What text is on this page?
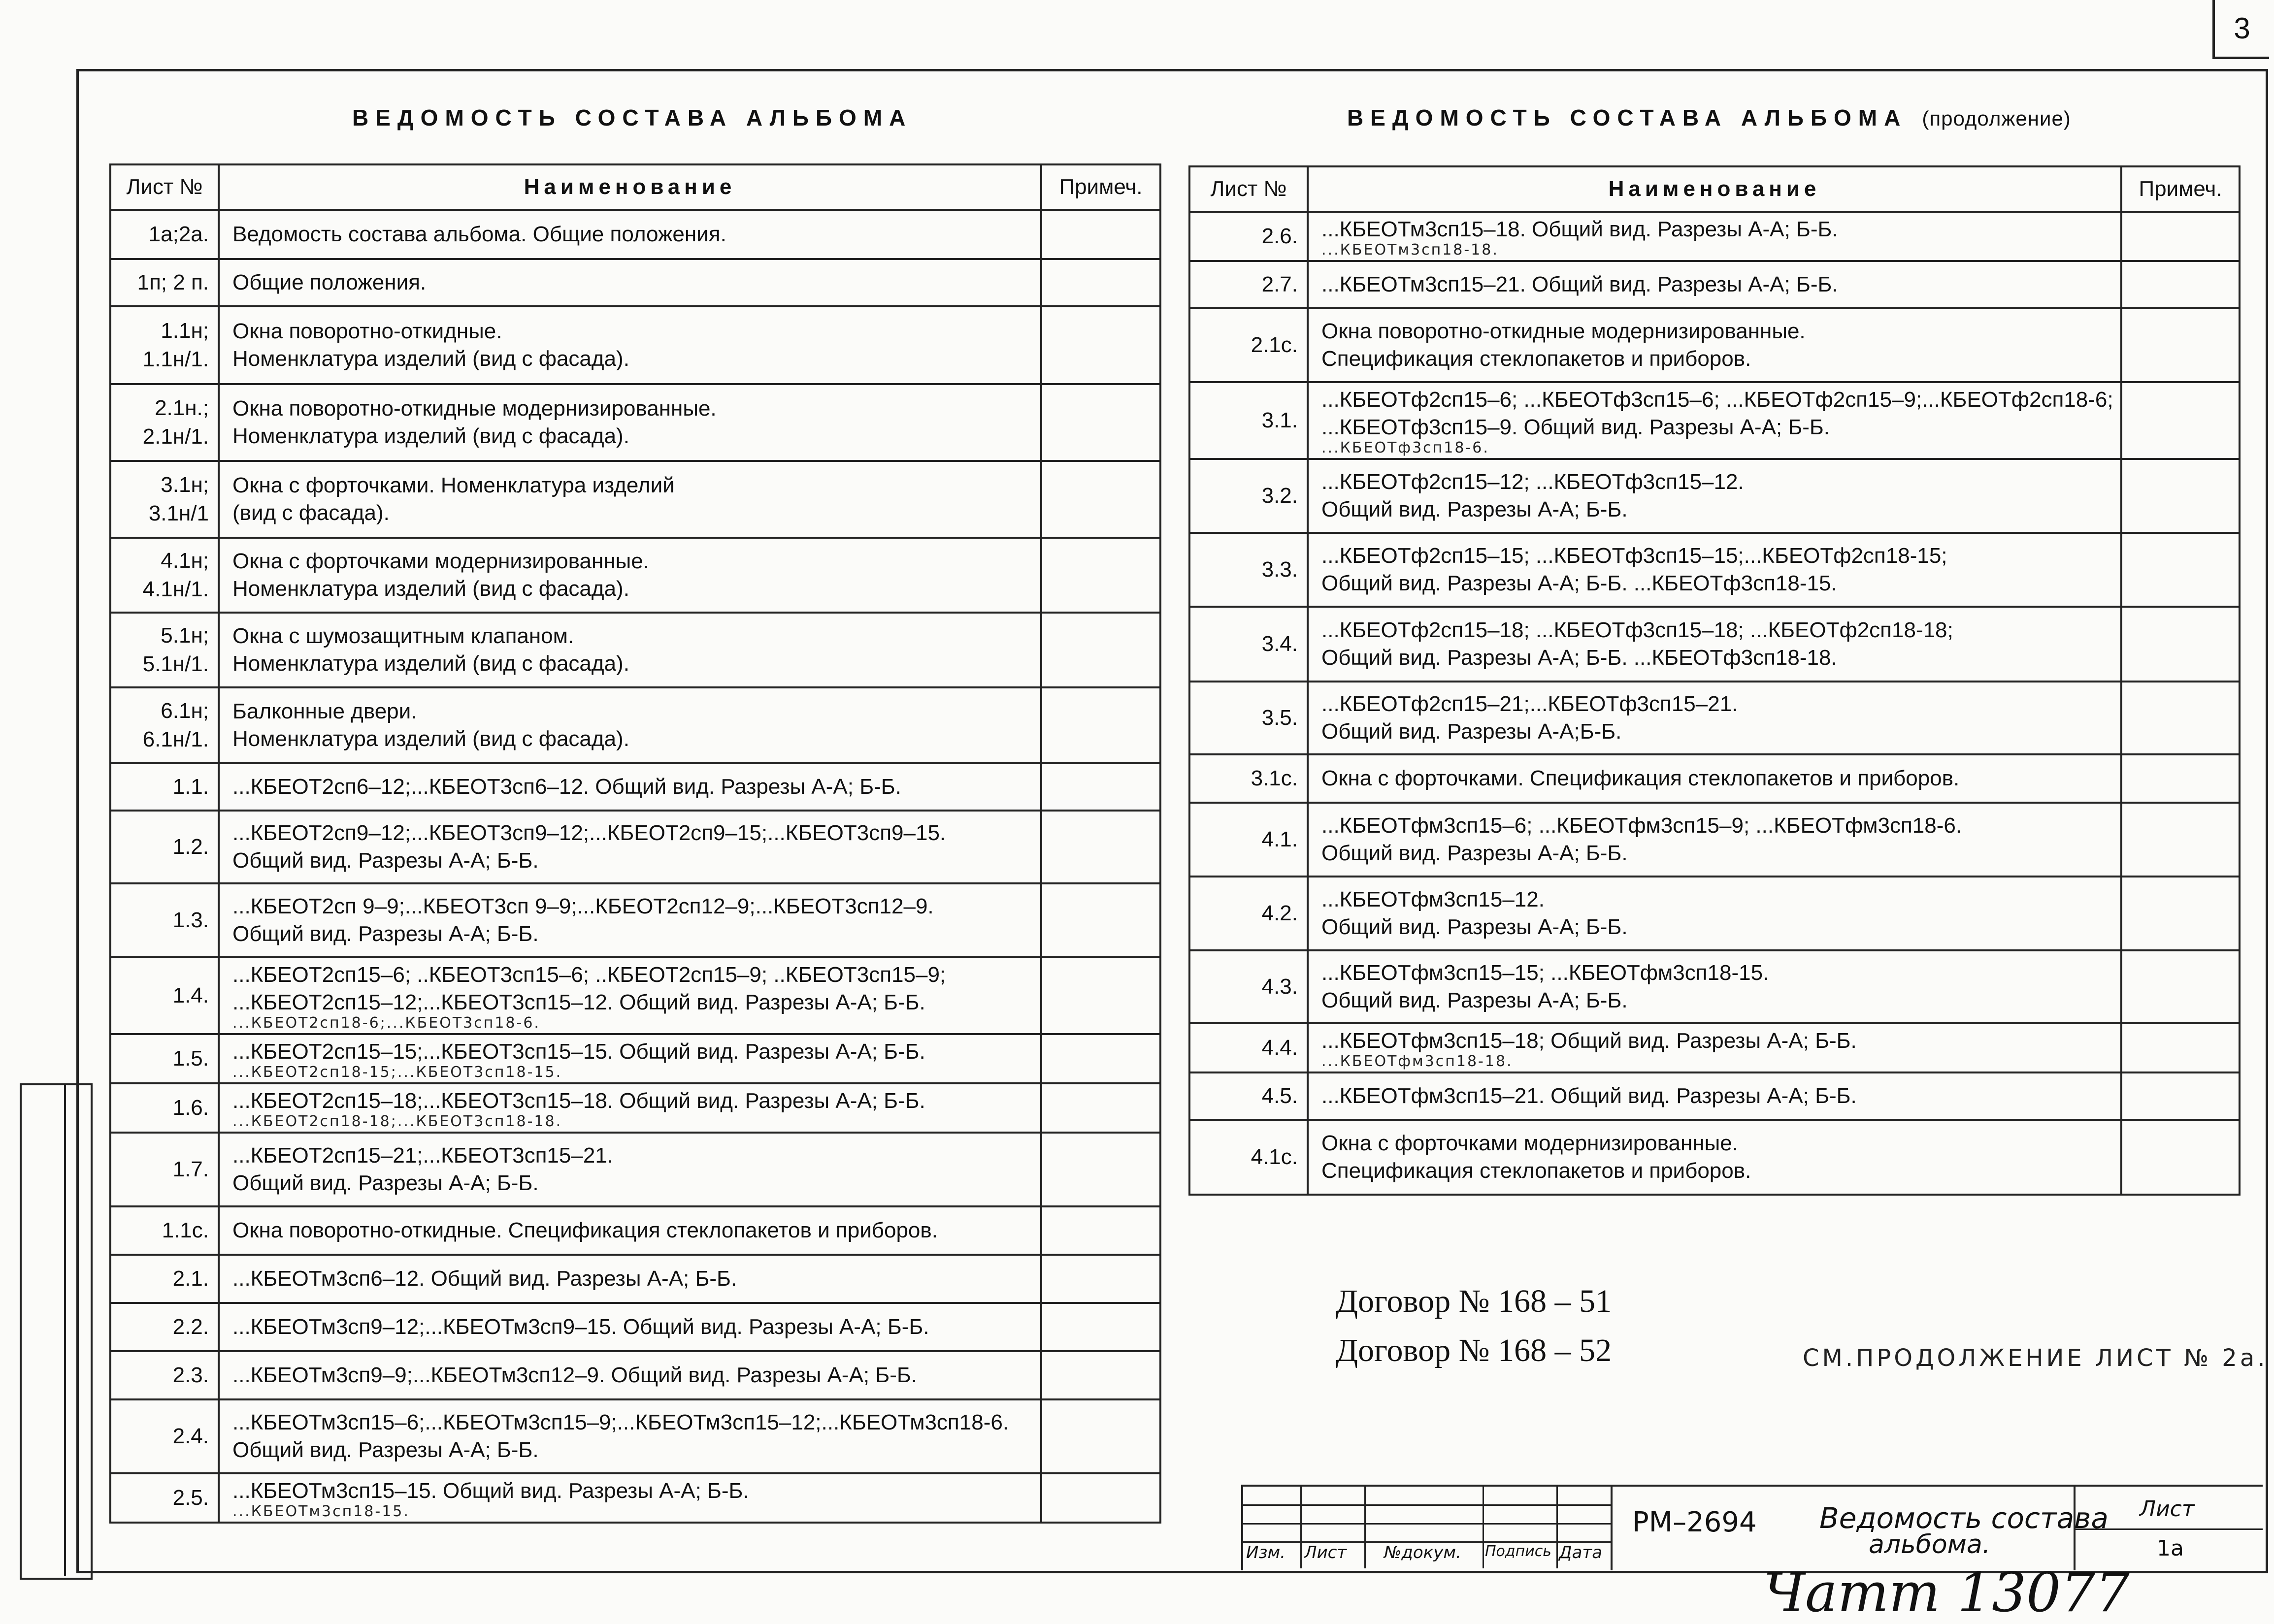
3
ВЕДОМОСТЬ СОСТАВА АЛЬБОМА	ВЕДОМОСТЬ СОСТАВА АЛЬБОМА (продолжение)
Лист №	Наименование	Примеч.

1а;2а.	Ведомость состава альбома. Общие положения.	

1п; 2 п.	Общие положения.	

1.1н;
1.1н/1.	Окна поворотно-откидные.
Номенклатура изделий (вид с фасада).	

2.1н.;
2.1н/1.	Окна поворотно-откидные модернизированные.
Номенклатура изделий (вид с фасада).	

3.1н;
3.1н/1	Окна с форточками. Номенклатура изделий
(вид с фасада).	

4.1н;
4.1н/1.	Окна с форточками модернизированные.
Номенклатура изделий (вид с фасада).	

5.1н;
5.1н/1.	Окна с шумозащитным клапаном.
Номенклатура изделий (вид с фасада).	

6.1н;
6.1н/1.	Балконные двери.
Номенклатура изделий (вид с фасада).	

1.1.	...КБЕОТ2сп6–12;...КБЕОТ3сп6–12. Общий вид. Разрезы А-А; Б-Б.	

1.2.	...КБЕОТ2сп9–12;...КБЕОТ3сп9–12;...КБЕОТ2сп9–15;...КБЕОТ3сп9–15.
Общий вид. Разрезы А-А; Б-Б.	

1.3.	...КБЕОТ2сп 9–9;...КБЕОТ3сп 9–9;...КБЕОТ2сп12–9;...КБЕОТ3сп12–9.
Общий вид. Разрезы А-А; Б-Б.	

1.4.	...КБЕОТ2сп15–6; ..КБЕОТ3сп15–6; ..КБЕОТ2сп15–9; ..КБЕОТ3сп15–9;
...КБЕОТ2сп15–12;...КБЕОТ3сп15–12. Общий вид. Разрезы А-А; Б-Б.
...КБЕОТ2сп18-6;...КБЕОТ3сп18-6.	

1.5.	...КБЕОТ2сп15–15;...КБЕОТ3сп15–15. Общий вид. Разрезы А-А; Б-Б.
...КБЕОТ2сп18-15;...КБЕОТ3сп18-15.	

1.6.	...КБЕОТ2сп15–18;...КБЕОТ3сп15–18. Общий вид. Разрезы А-А; Б-Б.
...КБЕОТ2сп18-18;...КБЕОТ3сп18-18.	

1.7.	...КБЕОТ2сп15–21;...КБЕОТ3сп15–21.
Общий вид. Разрезы А-А; Б-Б.	

1.1с.	Окна поворотно-откидные. Спецификация стеклопакетов и приборов.	

2.1.	...КБЕОТм3сп6–12. Общий вид. Разрезы А-А; Б-Б.	

2.2.	...КБЕОТм3сп9–12;...КБЕОТм3сп9–15. Общий вид. Разрезы А-А; Б-Б.	

2.3.	...КБЕОТм3сп9–9;...КБЕОТм3сп12–9. Общий вид. Разрезы А-А; Б-Б.	

2.4.	...КБЕОТм3сп15–6;...КБЕОТм3сп15–9;...КБЕОТм3сп15–12;...КБЕОТм3сп18-6.
Общий вид. Разрезы А-А; Б-Б.	

2.5.	...КБЕОТм3сп15–15. Общий вид. Разрезы А-А; Б-Б.
...КБЕОТм3сп18-15.	

Лист №	Наименование	Примеч.

2.6.	...КБЕОТм3сп15–18. Общий вид. Разрезы А-А; Б-Б.
...КБЕОТм3сп18-18.	

2.7.	...КБЕОТм3сп15–21. Общий вид. Разрезы А-А; Б-Б.	

2.1с.	Окна поворотно-откидные модернизированные.
Спецификация стеклопакетов и приборов.	

3.1.	...КБЕОТф2сп15–6; ...КБЕОТф3сп15–6; ...КБЕОТф2сп15–9;...КБЕОТф2сп18-6;
...КБЕОТф3сп15–9. Общий вид. Разрезы А-А; Б-Б.
...КБЕОТф3сп18-6.	

3.2.	...КБЕОТф2сп15–12; ...КБЕОТф3сп15–12.
Общий вид. Разрезы А-А; Б-Б.	

3.3.	...КБЕОТф2сп15–15; ...КБЕОТф3сп15–15;...КБЕОТф2сп18-15;
Общий вид. Разрезы А-А; Б-Б. ...КБЕОТф3сп18-15.	

3.4.	...КБЕОТф2сп15–18; ...КБЕОТф3сп15–18; ...КБЕОТф2сп18-18;
Общий вид. Разрезы А-А; Б-Б. ...КБЕОТф3сп18-18.	

3.5.	...КБЕОТф2сп15–21;...КБЕОТф3сп15–21.
Общий вид. Разрезы А-А;Б-Б.	

3.1с.	Окна с форточками. Спецификация стеклопакетов и приборов.	

4.1.	...КБЕОТфм3сп15–6; ...КБЕОТфм3сп15–9; ...КБЕОТфм3сп18-6.
Общий вид. Разрезы А-А; Б-Б.	

4.2.	...КБЕОТфм3сп15–12.
Общий вид. Разрезы А-А; Б-Б.	

4.3.	...КБЕОТфм3сп15–15; ...КБЕОТфм3сп18-15.
Общий вид. Разрезы А-А; Б-Б.	

4.4.	...КБЕОТфм3сп15–18; Общий вид. Разрезы А-А; Б-Б.
...КБЕОТфм3сп18-18.	

4.5.	...КБЕОТфм3сп15–21. Общий вид. Разрезы А-А; Б-Б.	

4.1с.	Окна с форточками модернизированные.
Спецификация стеклопакетов и приборов.	

Договор № 168 – 51
Договор № 168 – 52	СМ.ПРОДОЛЖЕНИЕ ЛИСТ № 2а.
Изм. Лист №докум. Подпись Дата
РМ–2694 Ведомость состава
альбома.
Лист
1а
Чатт 13077
